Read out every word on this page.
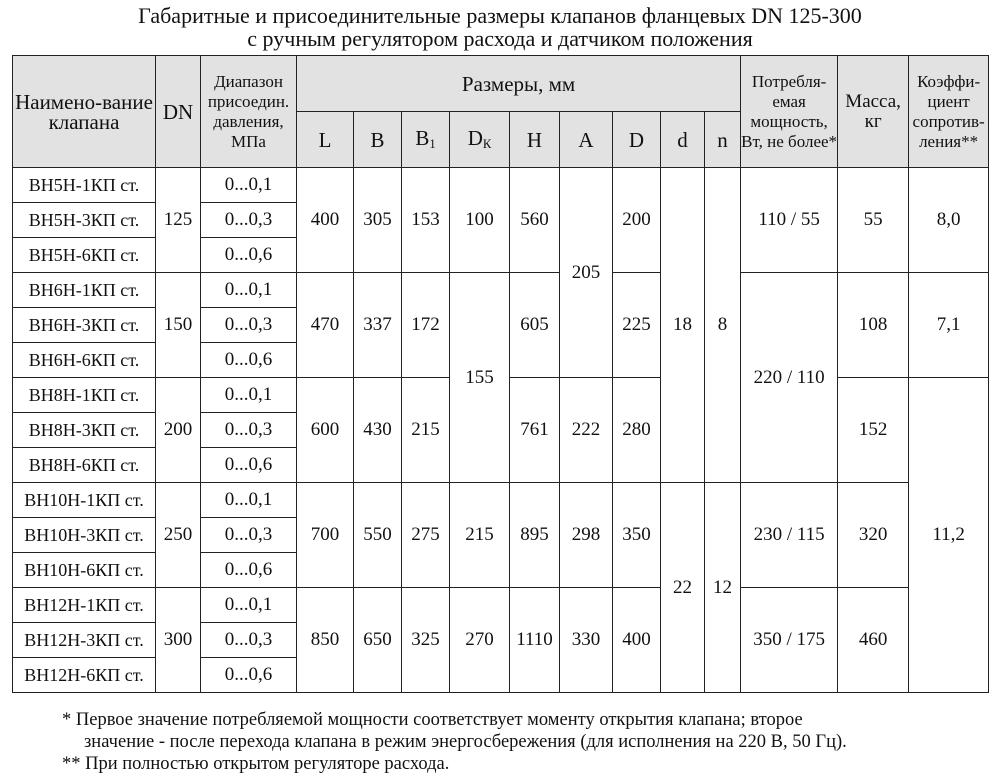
Габаритные и присоединительные размеры клапанов фланцевых DN 125-300
с ручным регулятором расхода и датчиком положения
Наимено-вание клапана	DN	Диапазон присоедин. давления, МПа	Размеры, мм									Потребля-емая мощность, Вт, не более*	Масса, кг	Коэффи-циент сопротив-ления**
			L	B	$B_1$	$D_К$	H	A	D	d	n			
ВН5Н-1КП ст.	125	0...0,1	400	305	153	100	560	205	200	18	8	110 / 55	55	8,0
ВН5Н-3КП ст.		0...0,3												
ВН5Н-6КП ст.		0...0,6												
ВН6Н-1КП ст.	150	0...0,1	470	337	172	155	605		225			220 / 110	108	7,1
ВН6Н-3КП ст.		0...0,3												
ВН6Н-6КП ст.		0...0,6												
ВН8Н-1КП ст.	200	0...0,1	600	430	215		761	222	280				152	11,2
ВН8Н-3КП ст.		0...0,3												
ВН8Н-6КП ст.		0...0,6												
ВН10Н-1КП ст.	250	0...0,1	700	550	275	215	895	298	350	22	12	230 / 115	320	
ВН10Н-3КП ст.		0...0,3												
ВН10Н-6КП ст.		0...0,6												
ВН12Н-1КП ст.	300	0...0,1	850	650	325	270	1110	330	400			350 / 175	460	
ВН12Н-3КП ст.		0...0,3												
ВН12Н-6КП ст.		0...0,6												
* Первое значение потребляемой мощности соответствует моменту открытия клапана; второе
значение - после перехода клапана в режим энергосбережения (для исполнения на 220 В, 50 Гц).
** При полностью открытом регуляторе расхода.
